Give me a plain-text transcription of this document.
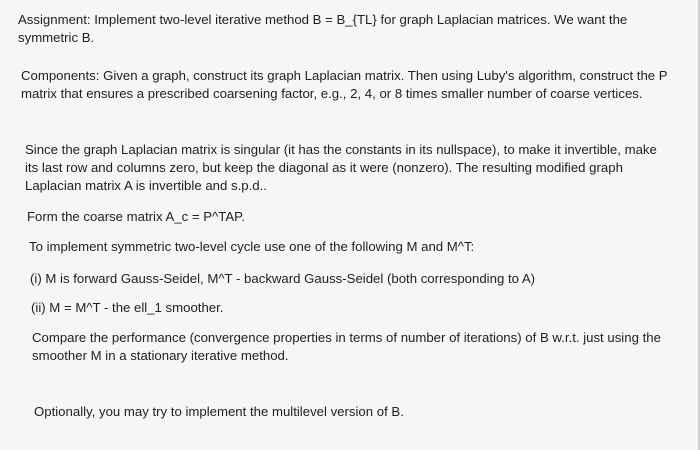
Assignment: Implement two-level iterative method B = B_{TL} for graph Laplacian matrices. We want the symmetric B.

Components: Given a graph, construct its graph Laplacian matrix. Then using Luby's algorithm, construct the P matrix that ensures a prescribed coarsening factor, e.g., 2, 4, or 8 times smaller number of coarse vertices.

Since the graph Laplacian matrix is singular (it has the constants in its nullspace), to make it invertible, make its last row and columns zero, but keep the diagonal as it were (nonzero). The resulting modified graph Laplacian matrix A is invertible and s.p.d..

Form the coarse matrix A_c = P^TAP.

To implement symmetric two-level cycle use one of the following M and M^T:

(i) M is forward Gauss-Seidel, M^T - backward Gauss-Seidel (both corresponding to A)

(ii) M = M^T - the ell_1 smoother.

Compare the performance (convergence properties in terms of number of iterations) of B w.r.t. just using the smoother M in a stationary iterative method.

Optionally, you may try to implement the multilevel version of B.
